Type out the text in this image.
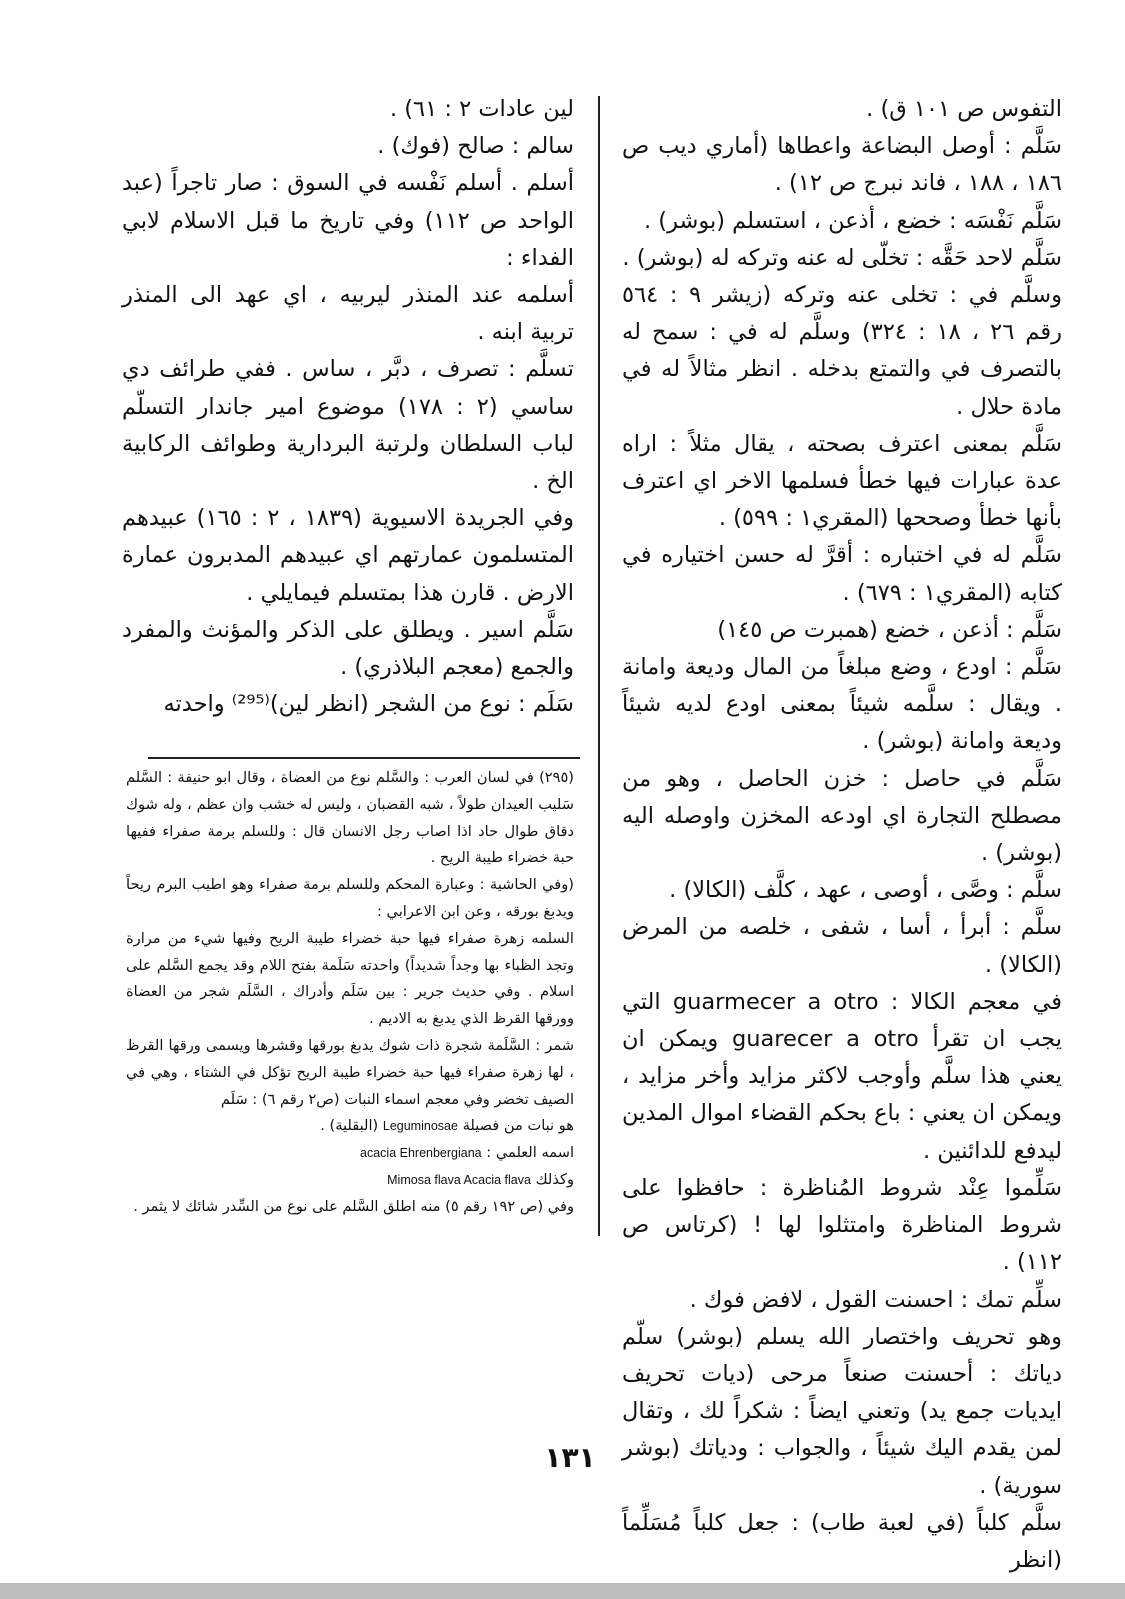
التفوس ص ١٠١ ق) .

سَلَّم : أوصل البضاعة واعطاها (أماري ديب ص ١٨٦ ، ١٨٨ ، فاند نبرج ص ١٢) .

سَلَّم نَفْسَه : خضع ، أذعن ، استسلم (بوشر) .

سَلَّم لاحد حَقَّه : تخلّى له عنه وتركه له (بوشر) .

وسلَّم في : تخلى عنه وتركه (زيشر ٩ : ٥٦٤ رقم ٢٦ ، ١٨ : ٣٢٤) وسلَّم له في : سمح له بالتصرف في والتمتع بدخله . انظر مثالاً له في مادة حلال .

سَلَّم بمعنى اعترف بصحته ، يقال مثلاً : اراه عدة عبارات فيها خطأ فسلمها الاخر اي اعترف بأنها خطأ وصححها (المقري١ : ٥٩٩) .

سَلَّم له في اختباره : أقرَّ له حسن اختياره في كتابه (المقري١ : ٦٧٩) .

سَلَّم : أذعن ، خضع (همبرت ص ١٤٥)

سَلَّم : اودع ، وضع مبلغاً من المال وديعة وامانة . ويقال : سلَّمه شيئاً بمعنى اودع لديه شيئاً وديعة وامانة (بوشر) .

سَلَّم في حاصل : خزن الحاصل ، وهو من مصطلح التجارة اي اودعه المخزن واوصله اليه (بوشر) .

سلَّم : وصَّى ، أوصى ، عهد ، كلَّف (الكالا) .

سلَّم : أبرأ ، أسا ، شفى ، خلصه من المرض (الكالا) .

في معجم الكالا : guarmecer a otro التي يجب ان تقرأ guarecer a otro ويمكن ان يعني هذا سلَّم وأوجب لاكثر مزايد وأخر مزايد ، ويمكن ان يعني : باع بحكم القضاء اموال المدين ليدفع للدائنين .

سَلِّموا عِنْد شروط المُناظرة : حافظوا على شروط المناظرة وامتثلوا لها ! (كرتاس ص ١١٢) .

سلِّم تمك : احسنت القول ، لافض فوك .

وهو تحريف واختصار الله يسلم (بوشر) سلّم دياتك : أحسنت صنعاً مرحى (ديات تحريف ايديات جمع يد) وتعني ايضاً : شكراً لك ، وتقال لمن يقدم اليك شيئاً ، والجواب : ودياتك (بوشر سورية) .

سلَّم كلباً (في لعبة طاب) : جعل كلباً مُسَلِّماً (انظر

لين عادات ٢ : ٦١) .

سالم : صالح (فوك) .

أسلم . أسلم نَفْسه في السوق : صار تاجراً (عبد الواحد ص ١١٢) وفي تاريخ ما قبل الاسلام لابي الفداء :

أسلمه عند المنذر ليربيه ، اي عهد الى المنذر تربية ابنه .

تسلَّم : تصرف ، دبَّر ، ساس . ففي طرائف دي ساسي (٢ : ١٧٨) موضوع امير جاندار التسلّم لباب السلطان ولرتبة البردارية وطوائف الركابية الخ .

وفي الجريدة الاسيوية (١٨٣٩ ، ٢ : ١٦٥) عبيدهم المتسلمون عمارتهم اي عبيدهم المدبرون عمارة الارض . قارن هذا بمتسلم فيمايلي .

سَلَّم اسير . ويطلق على الذكر والمؤنث والمفرد والجمع (معجم البلاذري) .

سَلَم : نوع من الشجر (انظر لين)⁽²⁹⁵⁾ واحدته

(٢٩٥) في لسان العرب : والسَّلم نوع من العضاة ، وقال ابو حنيفة : السَّلم سَليب العيدان طولاً ، شبه القضبان ، وليس له خشب وان عظم ، وله شوك دقاق طوال حاد اذا اصاب رجل الانسان قال : وللسلم برمة صفراء ففيها حبة خضراء طيبة الريح .

(وفي الحاشية : وعبارة المحكم وللسلم برمة صفراء وهو اطيب البرم ريحاً ويدبغ بورقه ، وعن ابن الاعرابي :

السلمه زهرة صفراء فيها حبة خضراء طيبة الريح وفيها شيء من مرارة وتجد الظباء بها وجداً شديداً) واحدته سَلَمة بفتح اللام وقد يجمع السَّلم على اسلام . وفي حديث جرير : بين سَلَم وأدراك ، السَّلَم شجر من العضاة وورقها القرظ الذي يدبغ به الاديم .

شمر : السَّلَمة شجرة ذات شوك يدبغ بورقها وقشرها ويسمى ورقها القرظ ، لها زهرة صفراء فيها حبة خضراء طيبة الريح تؤكل في الشتاء ، وهي في الصيف تخضر وفي معجم اسماء النبات (ص٢ رقم ٦) : سَلَم

هو نبات من فصيلة Leguminosae (البقلية) .

اسمه العلمي : acacia Ehrenbergiana

وكذلك Mimosa flava Acacia flava

وفي (ص ١٩٢ رقم ٥) منه اطلق السَّلم على نوع من السِّدر شائك لا يثمر .

١٣١
